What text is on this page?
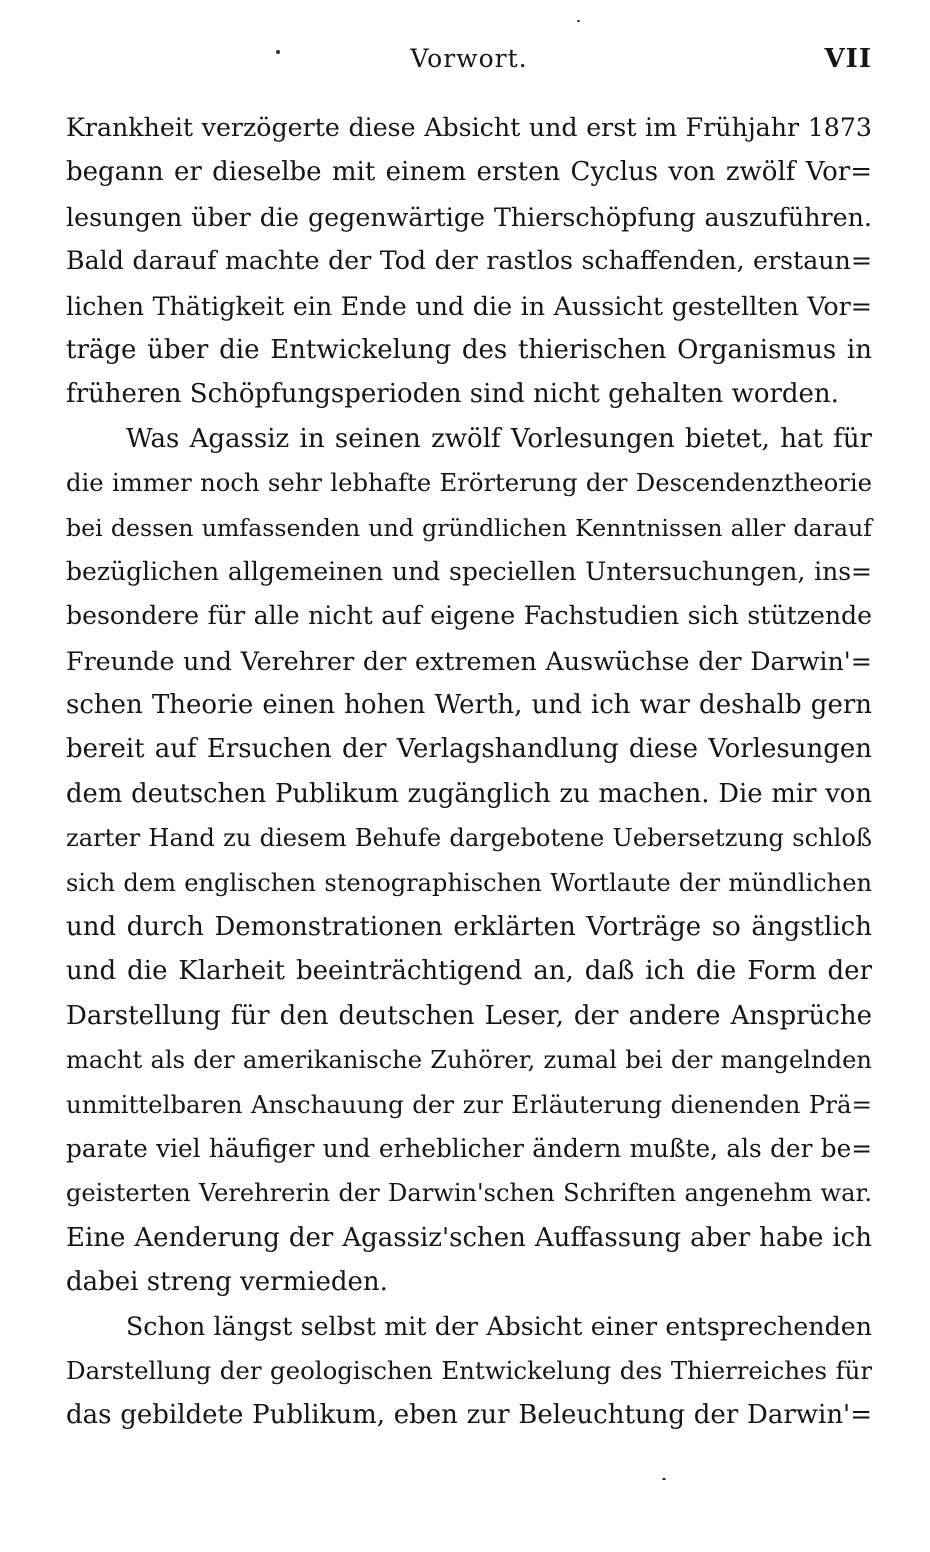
Vorwort.	VII
Krankheit verzögerte diese Absicht und erst im Frühjahr 1873
begann er dieselbe mit einem ersten Cyclus von zwölf Vor=
lesungen über die gegenwärtige Thierschöpfung auszuführen.
Bald darauf machte der Tod der rastlos schaffenden, erstaun=
lichen Thätigkeit ein Ende und die in Aussicht gestellten Vor=
träge über die Entwickelung des thierischen Organismus in
früheren Schöpfungsperioden sind nicht gehalten worden.
Was Agassiz in seinen zwölf Vorlesungen bietet, hat für
die immer noch sehr lebhafte Erörterung der Descendenztheorie
bei dessen umfassenden und gründlichen Kenntnissen aller darauf
bezüglichen allgemeinen und speciellen Untersuchungen, ins=
besondere für alle nicht auf eigene Fachstudien sich stützende
Freunde und Verehrer der extremen Auswüchse der Darwin'=
schen Theorie einen hohen Werth, und ich war deshalb gern
bereit auf Ersuchen der Verlagshandlung diese Vorlesungen
dem deutschen Publikum zugänglich zu machen. Die mir von
zarter Hand zu diesem Behufe dargebotene Uebersetzung schloß
sich dem englischen stenographischen Wortlaute der mündlichen
und durch Demonstrationen erklärten Vorträge so ängstlich
und die Klarheit beeinträchtigend an, daß ich die Form der
Darstellung für den deutschen Leser, der andere Ansprüche
macht als der amerikanische Zuhörer, zumal bei der mangelnden
unmittelbaren Anschauung der zur Erläuterung dienenden Prä=
parate viel häufiger und erheblicher ändern mußte, als der be=
geisterten Verehrerin der Darwin'schen Schriften angenehm war.
Eine Aenderung der Agassiz'schen Auffassung aber habe ich
dabei streng vermieden.
Schon längst selbst mit der Absicht einer entsprechenden
Darstellung der geologischen Entwickelung des Thierreiches für
das gebildete Publikum, eben zur Beleuchtung der Darwin'=
